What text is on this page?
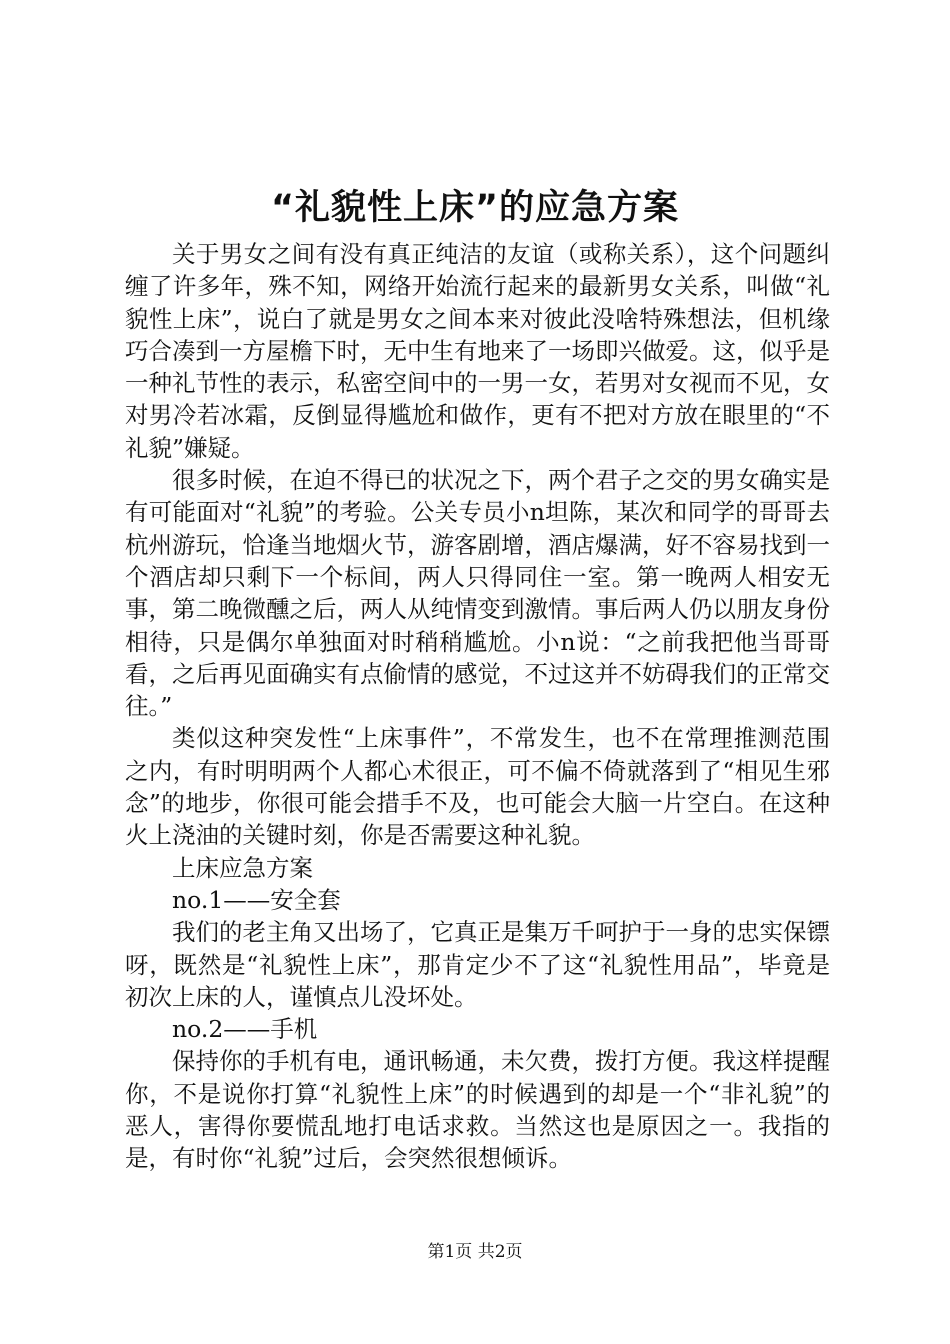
“礼貌性上床”的应急方案

关于男女之间有没有真正纯洁的友谊（或称关系），这个问题纠缠了许多年，殊不知，网络开始流行起来的最新男女关系，叫做“礼貌性上床”，说白了就是男女之间本来对彼此没啥特殊想法，但机缘巧合凑到一方屋檐下时，无中生有地来了一场即兴做爱。这，似乎是一种礼节性的表示，私密空间中的一男一女，若男对女视而不见，女对男冷若冰霜，反倒显得尴尬和做作，更有不把对方放在眼里的“不礼貌”嫌疑。

很多时候，在迫不得已的状况之下，两个君子之交的男女确实是有可能面对“礼貌”的考验。公关专员小n坦陈，某次和同学的哥哥去杭州游玩，恰逢当地烟火节，游客剧增，酒店爆满，好不容易找到一个酒店却只剩下一个标间，两人只得同住一室。第一晚两人相安无事，第二晚微醺之后，两人从纯情变到激情。事后两人仍以朋友身份相待，只是偶尔单独面对时稍稍尴尬。小n说：“之前我把他当哥哥看，之后再见面确实有点偷情的感觉，不过这并不妨碍我们的正常交往。”

类似这种突发性“上床事件”，不常发生，也不在常理推测范围之内，有时明明两个人都心术很正，可不偏不倚就落到了“相见生邪念”的地步，你很可能会措手不及，也可能会大脑一片空白。在这种火上浇油的关键时刻，你是否需要这种礼貌。

上床应急方案

no.1——安全套

我们的老主角又出场了，它真正是集万千呵护于一身的忠实保镖呀，既然是“礼貌性上床”，那肯定少不了这“礼貌性用品”，毕竟是初次上床的人，谨慎点儿没坏处。

no.2——手机

保持你的手机有电，通讯畅通，未欠费，拨打方便。我这样提醒你，不是说你打算“礼貌性上床”的时候遇到的却是一个“非礼貌”的恶人，害得你要慌乱地打电话求救。当然这也是原因之一。我指的是，有时你“礼貌”过后，会突然很想倾诉。

第1页 共2页
